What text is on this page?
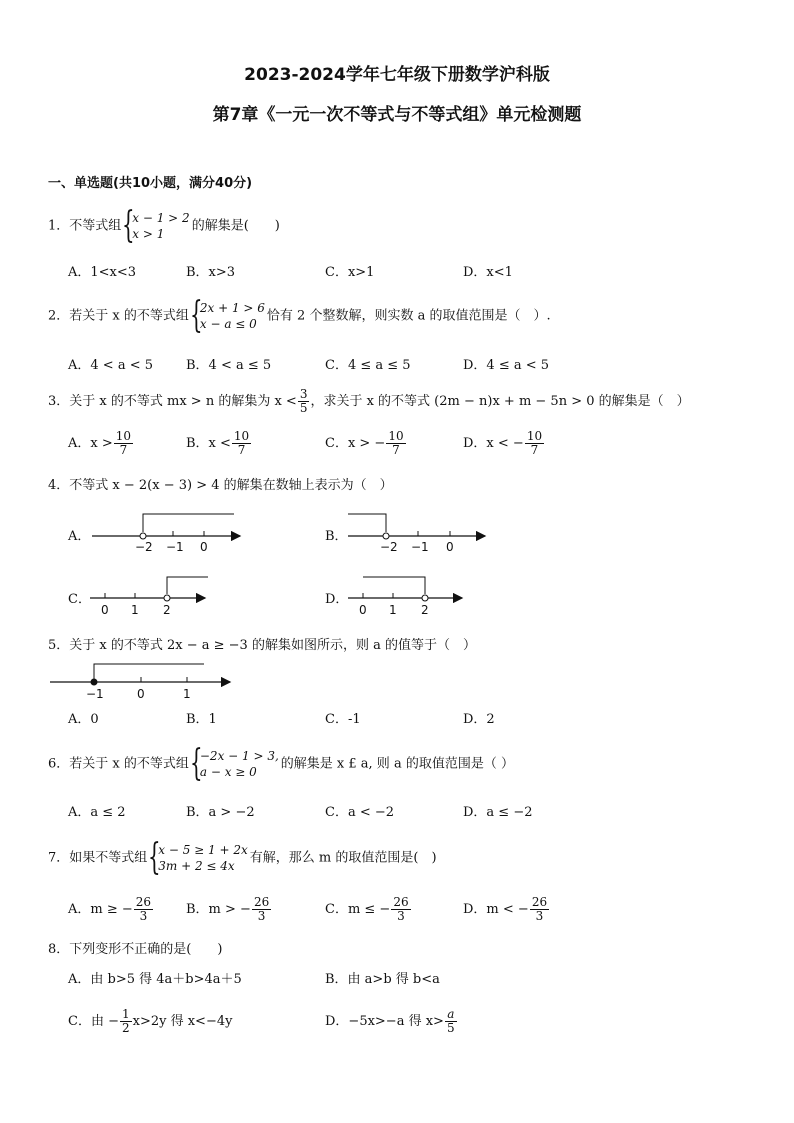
2023-2024学年七年级下册数学沪科版
第7章《一元一次不等式与不等式组》单元检测题
一、单选题(共10小题，满分40分)
1．不等式组 {
x − 1 > 2
x > 1
的解集是(　　)
A．1<x<3	B．x>3	C．x>1	D．x<1
2．若关于 x 的不等式组 {
2x + 1 > 6
x − a ≤ 0
恰有 2 个整数解，则实数 a 的取值范围是（　）.
A．4 < a < 5	B．4 < a ≤ 5	C．4 ≤ a ≤ 5	D．4 ≤ a < 5
3．关于 x 的不等式 mx > n 的解集为 $x < \frac{3}{5}$ ，求关于 x 的不等式 (2m − n)x + m − 5n > 0 的解集是（　）
A．$x > \frac{10}{7}$	B．$x < \frac{10}{7}$	C．x > − $\frac{10}{7}$	D．x < − $\frac{10}{7}$
4．不等式 x − 2(x − 3) > 4 的解集在数轴上表示为（　）
A．	B．
C．	D．
−2 −1 0	−2 −1 0
0 1 2	0 1 2
−1	0	1
5．关于 x 的不等式 2x − a ≥ −3 的解集如图所示，则 a 的值等于（　）
A．0	B．1	C．-1	D．2
6．若关于 x 的不等式组 {
−2x − 1 > 3,
a − x ≥ 0
的解集是 x £ a, 则 a 的取值范围是（ ）
A．a ≤ 2	B．a > −2	C．a < −2	D．a ≤ −2
7．如果不等式组 {
x − 5 ≥ 1 + 2x
3m + 2 ≤ 4x
有解，那么 m 的取值范围是(　)
A．m ≥ − $\frac{26}{3}$	B．m > − $\frac{26}{3}$	C．m ≤ − $\frac{26}{3}$	D．m < − $\frac{26}{3}$
8．下列变形不正确的是(　　)
A．由 b>5 得 4a＋b>4a＋5	B．由 a>b 得 b<a
C．由 − $\frac{1}{2} x>2y$ 得 x<−4y	D．−5x>−a 得 $x> \frac{a}{5}$
